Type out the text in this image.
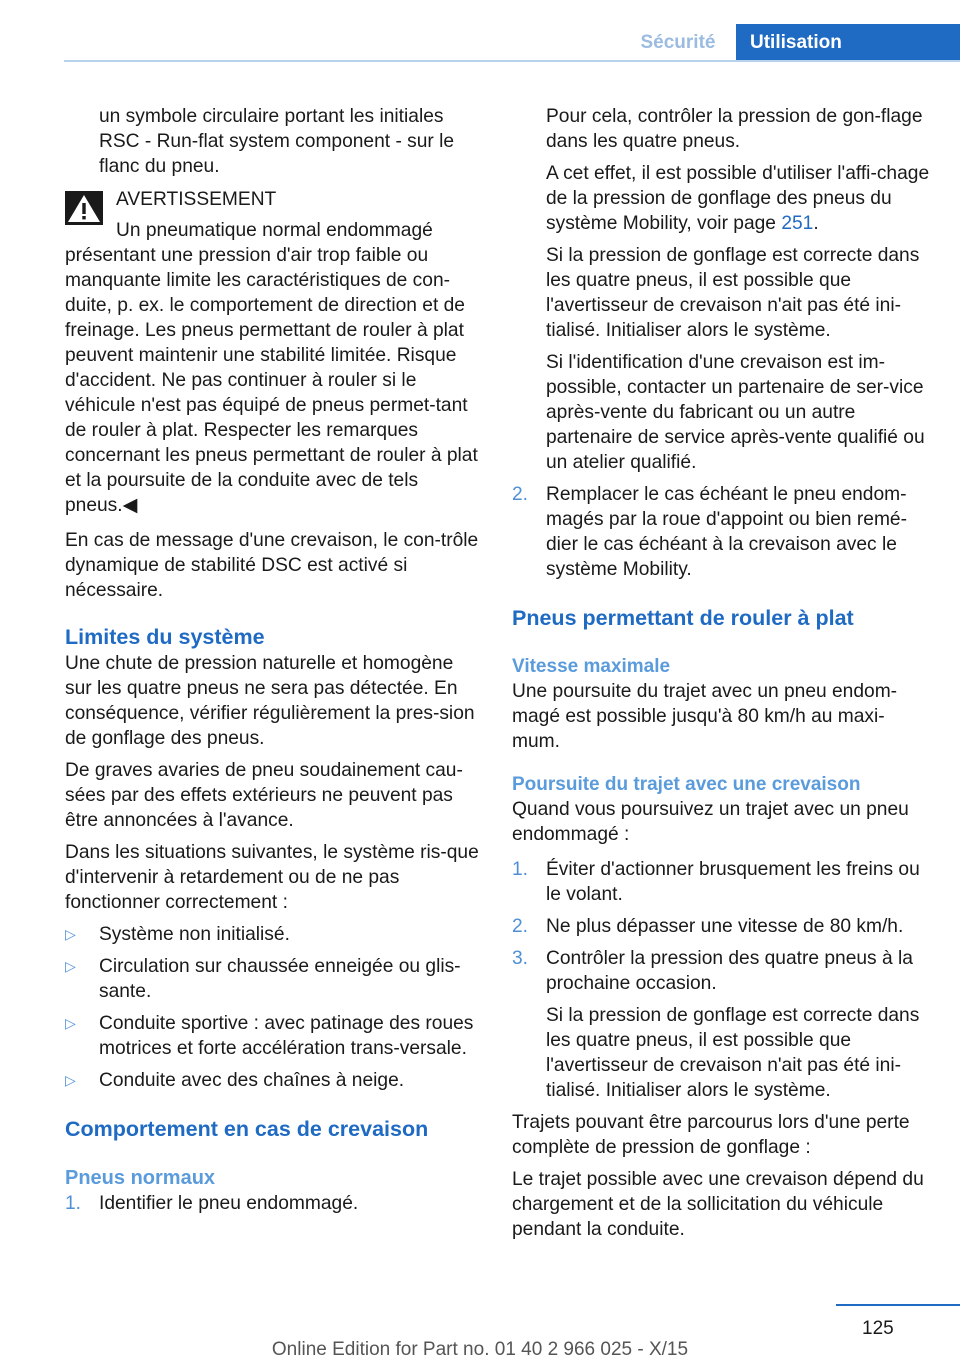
Sécurité	Utilisation

un symbole circulaire portant les initiales RSC - Run-flat system component - sur le flanc du pneu.

AVERTISSEMENT
Un pneumatique normal endommagé
présentant une pression d'air trop faible ou manquante limite les caractéristiques de con-duite, p. ex. le comportement de direction et de freinage. Les pneus permettant de rouler à plat peuvent maintenir une stabilité limitée. Risque d'accident. Ne pas continuer à rouler si le véhicule n'est pas équipé de pneus permet-tant de rouler à plat. Respecter les remarques concernant les pneus permettant de rouler à plat et la poursuite de la conduite avec de tels pneus.◀

En cas de message d'une crevaison, le con-trôle dynamique de stabilité DSC est activé si nécessaire.

Limites du système

Une chute de pression naturelle et homogène sur les quatre pneus ne sera pas détectée. En conséquence, vérifier régulièrement la pres-sion de gonflage des pneus.

De graves avaries de pneu soudainement cau-sées par des effets extérieurs ne peuvent pas être annoncées à l'avance.

Dans les situations suivantes, le système ris-que d'intervenir à retardement ou de ne pas fonctionner correctement :

▷ Système non initialisé.
▷ Circulation sur chaussée enneigée ou glis-sante.
▷ Conduite sportive : avec patinage des roues motrices et forte accélération trans-versale.
▷ Conduite avec des chaînes à neige.
Comportement en cas de crevaison
Pneus normaux
1. Identifier le pneu endommagé.

Pour cela, contrôler la pression de gon-flage dans les quatre pneus.

A cet effet, il est possible d'utiliser l'affi-chage de la pression de gonflage des pneus du système Mobility, voir page 251.

Si la pression de gonflage est correcte dans les quatre pneus, il est possible que l'avertisseur de crevaison n'ait pas été ini-tialisé. Initialiser alors le système.

Si l'identification d'une crevaison est im-possible, contacter un partenaire de ser-vice après-vente du fabricant ou un autre partenaire de service après-vente qualifié ou un atelier qualifié.

2. Remplacer le cas échéant le pneu endom-magés par la roue d'appoint ou bien remé-dier le cas échéant à la crevaison avec le système Mobility.
Pneus permettant de rouler à plat
Vitesse maximale

Une poursuite du trajet avec un pneu endom-magé est possible jusqu'à 80 km/h au maxi-mum.

Poursuite du trajet avec une crevaison

Quand vous poursuivez un trajet avec un pneu endommagé :

1. Éviter d'actionner brusquement les freins ou le volant.
2. Ne plus dépasser une vitesse de 80 km/h.
3. Contrôler la pression des quatre pneus à la prochaine occasion.
Si la pression de gonflage est correcte dans les quatre pneus, il est possible que l'avertisseur de crevaison n'ait pas été ini-tialisé. Initialiser alors le système.

Trajets pouvant être parcourus lors d'une perte complète de pression de gonflage :

Le trajet possible avec une crevaison dépend du chargement et de la sollicitation du véhicule pendant la conduite.

125
Online Edition for Part no. 01 40 2 966 025 - X/15
